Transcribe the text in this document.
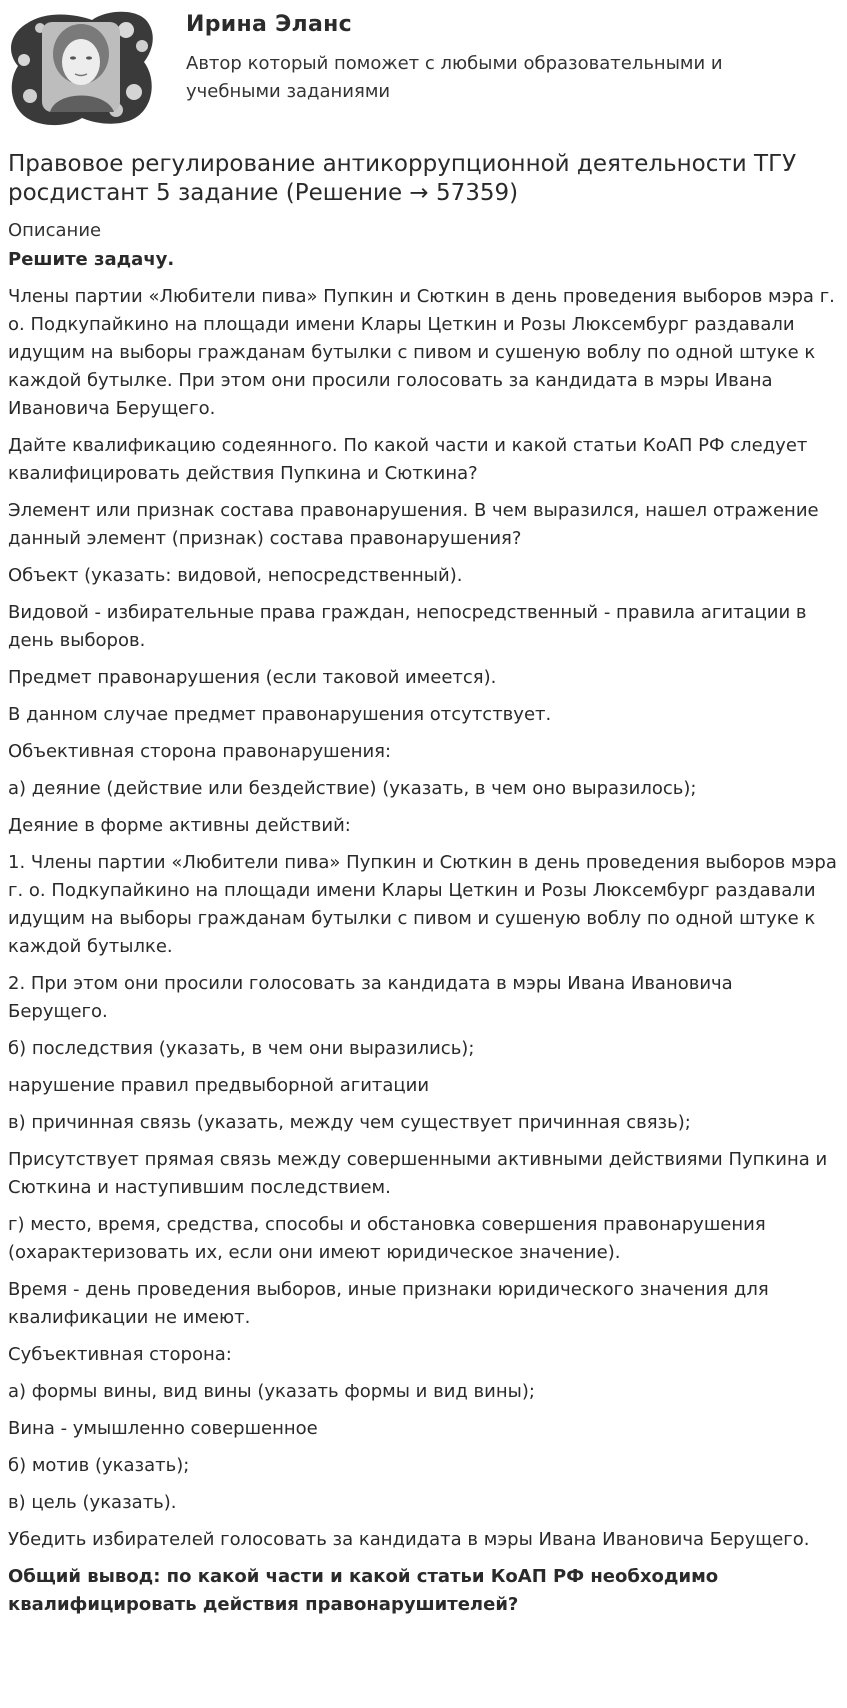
Ирина Эланс
Автор который поможет с любыми образовательными и учебными заданиями
Правовое регулирование антикоррупционной деятельности ТГУ росдистант 5 задание (Решение → 57359)
Описание

Решите задачу.

Члены партии «Любители пива» Пупкин и Сюткин в день проведения выборов мэра г. о. Подкупайкино на площади имени Клары Цеткин и Розы Люксембург раздавали идущим на выборы гражданам бутылки с пивом и сушеную воблу по одной штуке к каждой бутылке. При этом они просили голосовать за кандидата в мэры Ивана Ивановича Берущего.

Дайте квалификацию содеянного. По какой части и какой статьи КоАП РФ следует квалифицировать действия Пупкина и Сюткина?

Элемент или признак состава правонарушения. В чем выразился, нашел отражение данный элемент (признак) состава правонарушения?

Объект (указать: видовой, непосредственный).

Видовой - избирательные права граждан, непосредственный - правила агитации в день выборов.

Предмет правонарушения (если таковой имеется).

В данном случае предмет правонарушения отсутствует.

Объективная сторона правонарушения:

а) деяние (действие или бездействие) (указать, в чем оно выразилось);

Деяние в форме активны действий:

1. Члены партии «Любители пива» Пупкин и Сюткин в день проведения выборов мэра г. о. Подкупайкино на площади имени Клары Цеткин и Розы Люксембург раздавали идущим на выборы гражданам бутылки с пивом и сушеную воблу по одной штуке к каждой бутылке.

2. При этом они просили голосовать за кандидата в мэры Ивана Ивановича Берущего.

б) последствия (указать, в чем они выразились);

нарушение правил предвыборной агитации

в) причинная связь (указать, между чем существует причинная связь);

Присутствует прямая связь между совершенными активными действиями Пупкина и Сюткина и наступившим последствием.

г) место, время, средства, способы и обстановка совершения правонарушения (охарактеризовать их, если они имеют юридическое значение).

Время - день проведения выборов, иные признаки юридического значения для квалификации не имеют.

Субъективная сторона:

а) формы вины, вид вины (указать формы и вид вины);

Вина - умышленно совершенное

б) мотив (указать);

в) цель (указать).

Убедить избирателей голосовать за кандидата в мэры Ивана Ивановича Берущего.

Общий вывод: по какой части и какой статьи КоАП РФ необходимо квалифицировать действия правонарушителей?
